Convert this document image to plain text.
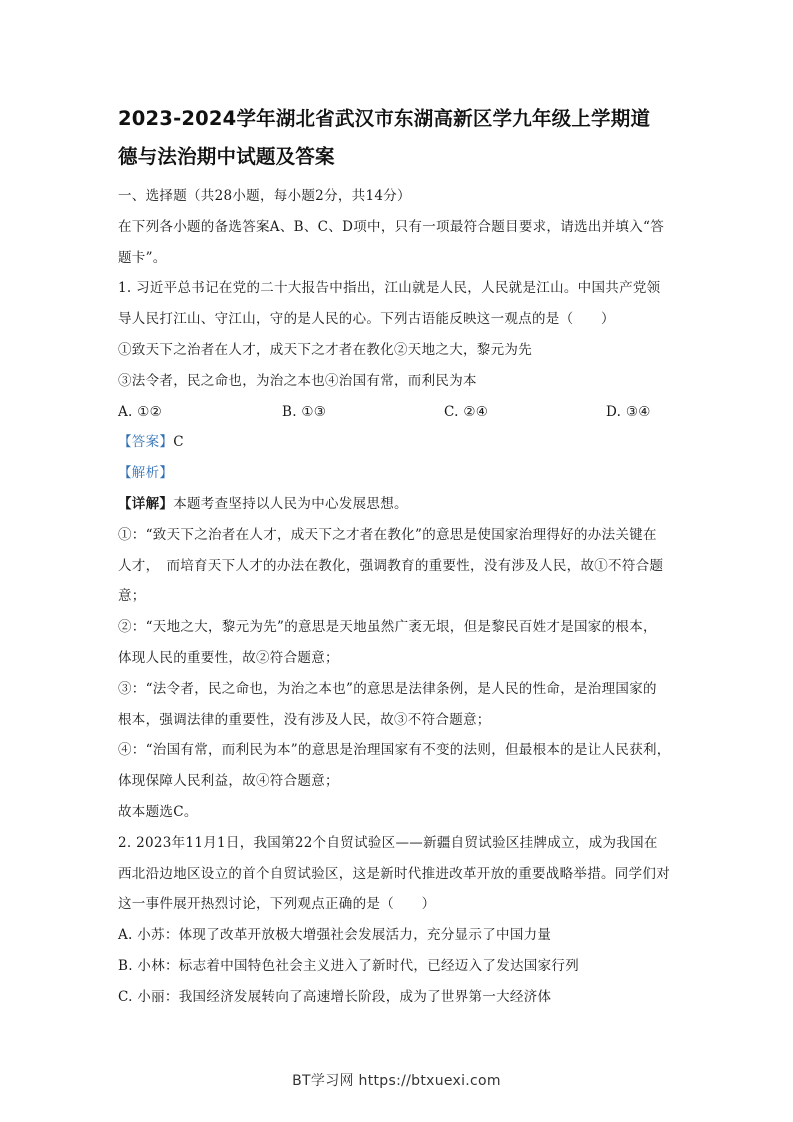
2023-2024学年湖北省武汉市东湖高新区学九年级上学期道
德与法治期中试题及答案

一、选择题（共28小题，每小题2分，共14分）

在下列各小题的备选答案A、B、C、D项中，只有一项最符合题目要求，请选出并填入“答

题卡”。

1. 习近平总书记在党的二十大报告中指出，江山就是人民，人民就是江山。中国共产党领

导人民打江山、守江山，守的是人民的心。下列古语能反映这一观点的是（　　）

①致天下之治者在人才，成天下之才者在教化②天地之大，黎元为先

③法令者，民之命也，为治之本也④治国有常，而利民为本

A. ①②	B. ①③	C. ②④	D. ③④

【答案】C

【解析】

【详解】本题考查坚持以人民为中心发展思想。

①：“致天下之治者在人才，成天下之才者在教化”的意思是使国家治理得好的办法关键在

人才，　而培育天下人才的办法在教化，强调教育的重要性，没有涉及人民，故①不符合题

意；

②：“天地之大，黎元为先”的意思是天地虽然广袤无垠，但是黎民百姓才是国家的根本，

体现人民的重要性，故②符合题意；

③：“法令者，民之命也，为治之本也”的意思是法律条例，是人民的性命，是治理国家的

根本，强调法律的重要性，没有涉及人民，故③不符合题意；

④：“治国有常，而利民为本”的意思是治理国家有不变的法则，但最根本的是让人民获利，

体现保障人民利益，故④符合题意；

故本题选C。

2. 2023年11月1日，我国第22个自贸试验区——新疆自贸试验区挂牌成立，成为我国在

西北沿边地区设立的首个自贸试验区，这是新时代推进改革开放的重要战略举措。同学们对

这一事件展开热烈讨论，下列观点正确的是（　　）

A. 小苏：体现了改革开放极大增强社会发展活力，充分显示了中国力量

B. 小林：标志着中国特色社会主义进入了新时代，已经迈入了发达国家行列

C. 小丽：我国经济发展转向了高速增长阶段，成为了世界第一大经济体

BT学习网 https://btxuexi.com
